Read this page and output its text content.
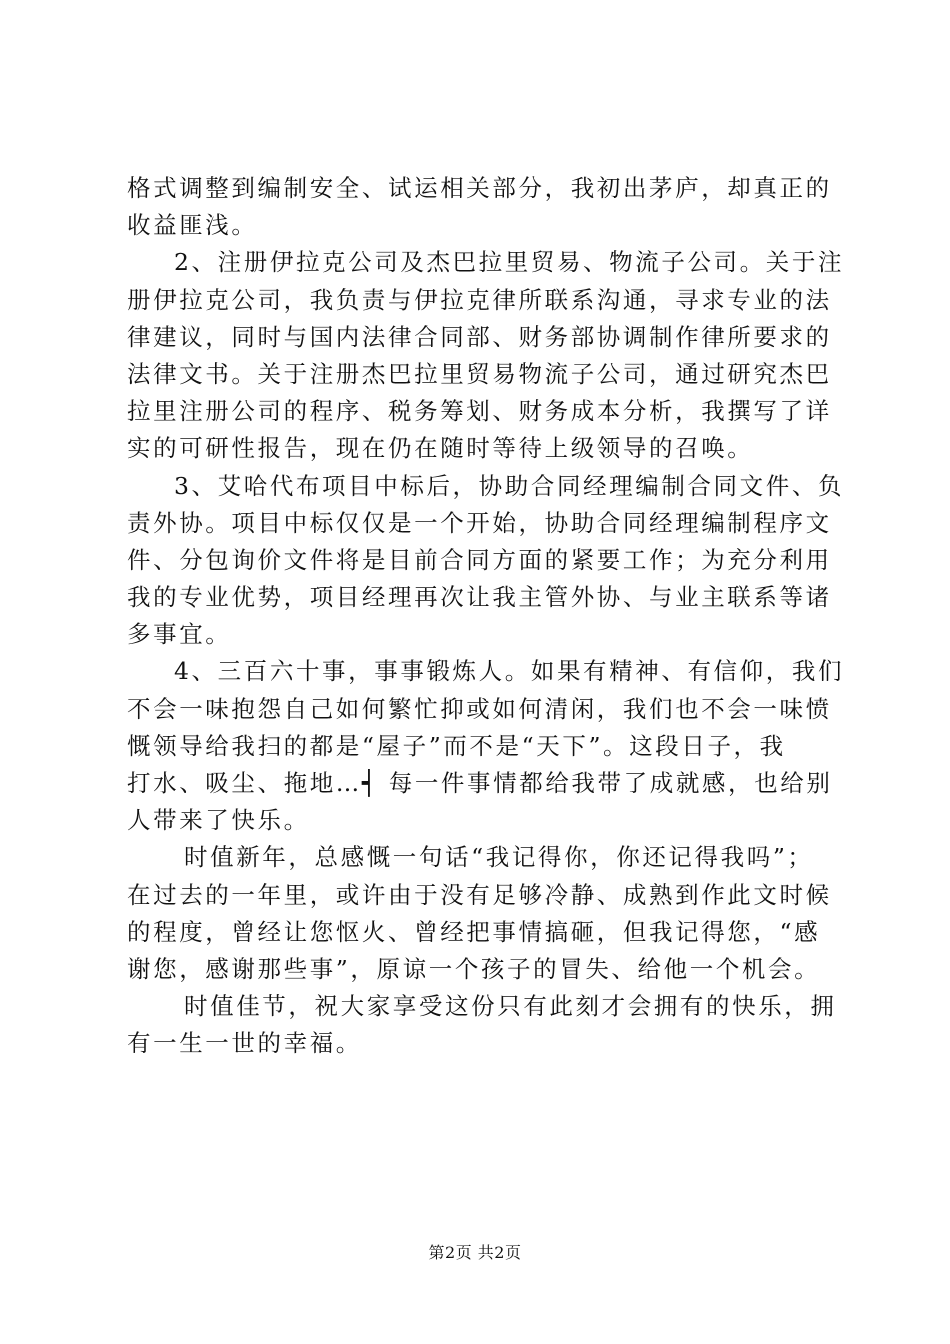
格式调整到编制安全、试运相关部分，我初出茅庐，却真正的
收益匪浅。
2、注册伊拉克公司及杰巴拉里贸易、物流子公司。关于注
册伊拉克公司，我负责与伊拉克律所联系沟通，寻求专业的法
律建议，同时与国内法律合同部、财务部协调制作律所要求的
法律文书。关于注册杰巴拉里贸易物流子公司，通过研究杰巴
拉里注册公司的程序、税务筹划、财务成本分析，我撰写了详
实的可研性报告，现在仍在随时等待上级领导的召唤。
3、艾哈代布项目中标后，协助合同经理编制合同文件、负
责外协。项目中标仅仅是一个开始，协助合同经理编制程序文
件、分包询价文件将是目前合同方面的紧要工作；为充分利用
我的专业优势，项目经理再次让我主管外协、与业主联系等诸
多事宜。
4、三百六十事，事事锻炼人。如果有精神、有信仰，我们
不会一味抱怨自己如何繁忙抑或如何清闲，我们也不会一味愤
慨领导给我扫的都是“屋子”而不是“天下”。这段日子，我
打水、吸尘、拖地…┥ 每一件事情都给我带了成就感，也给别
人带来了快乐。
时值新年，总感慨一句话“我记得你，你还记得我吗”；
在过去的一年里，或许由于没有足够冷静、成熟到作此文时候
的程度，曾经让您怄火、曾经把事情搞砸，但我记得您，“感
谢您，感谢那些事”，原谅一个孩子的冒失、给他一个机会。
时值佳节，祝大家享受这份只有此刻才会拥有的快乐，拥
有一生一世的幸福。
第2页 共2页
